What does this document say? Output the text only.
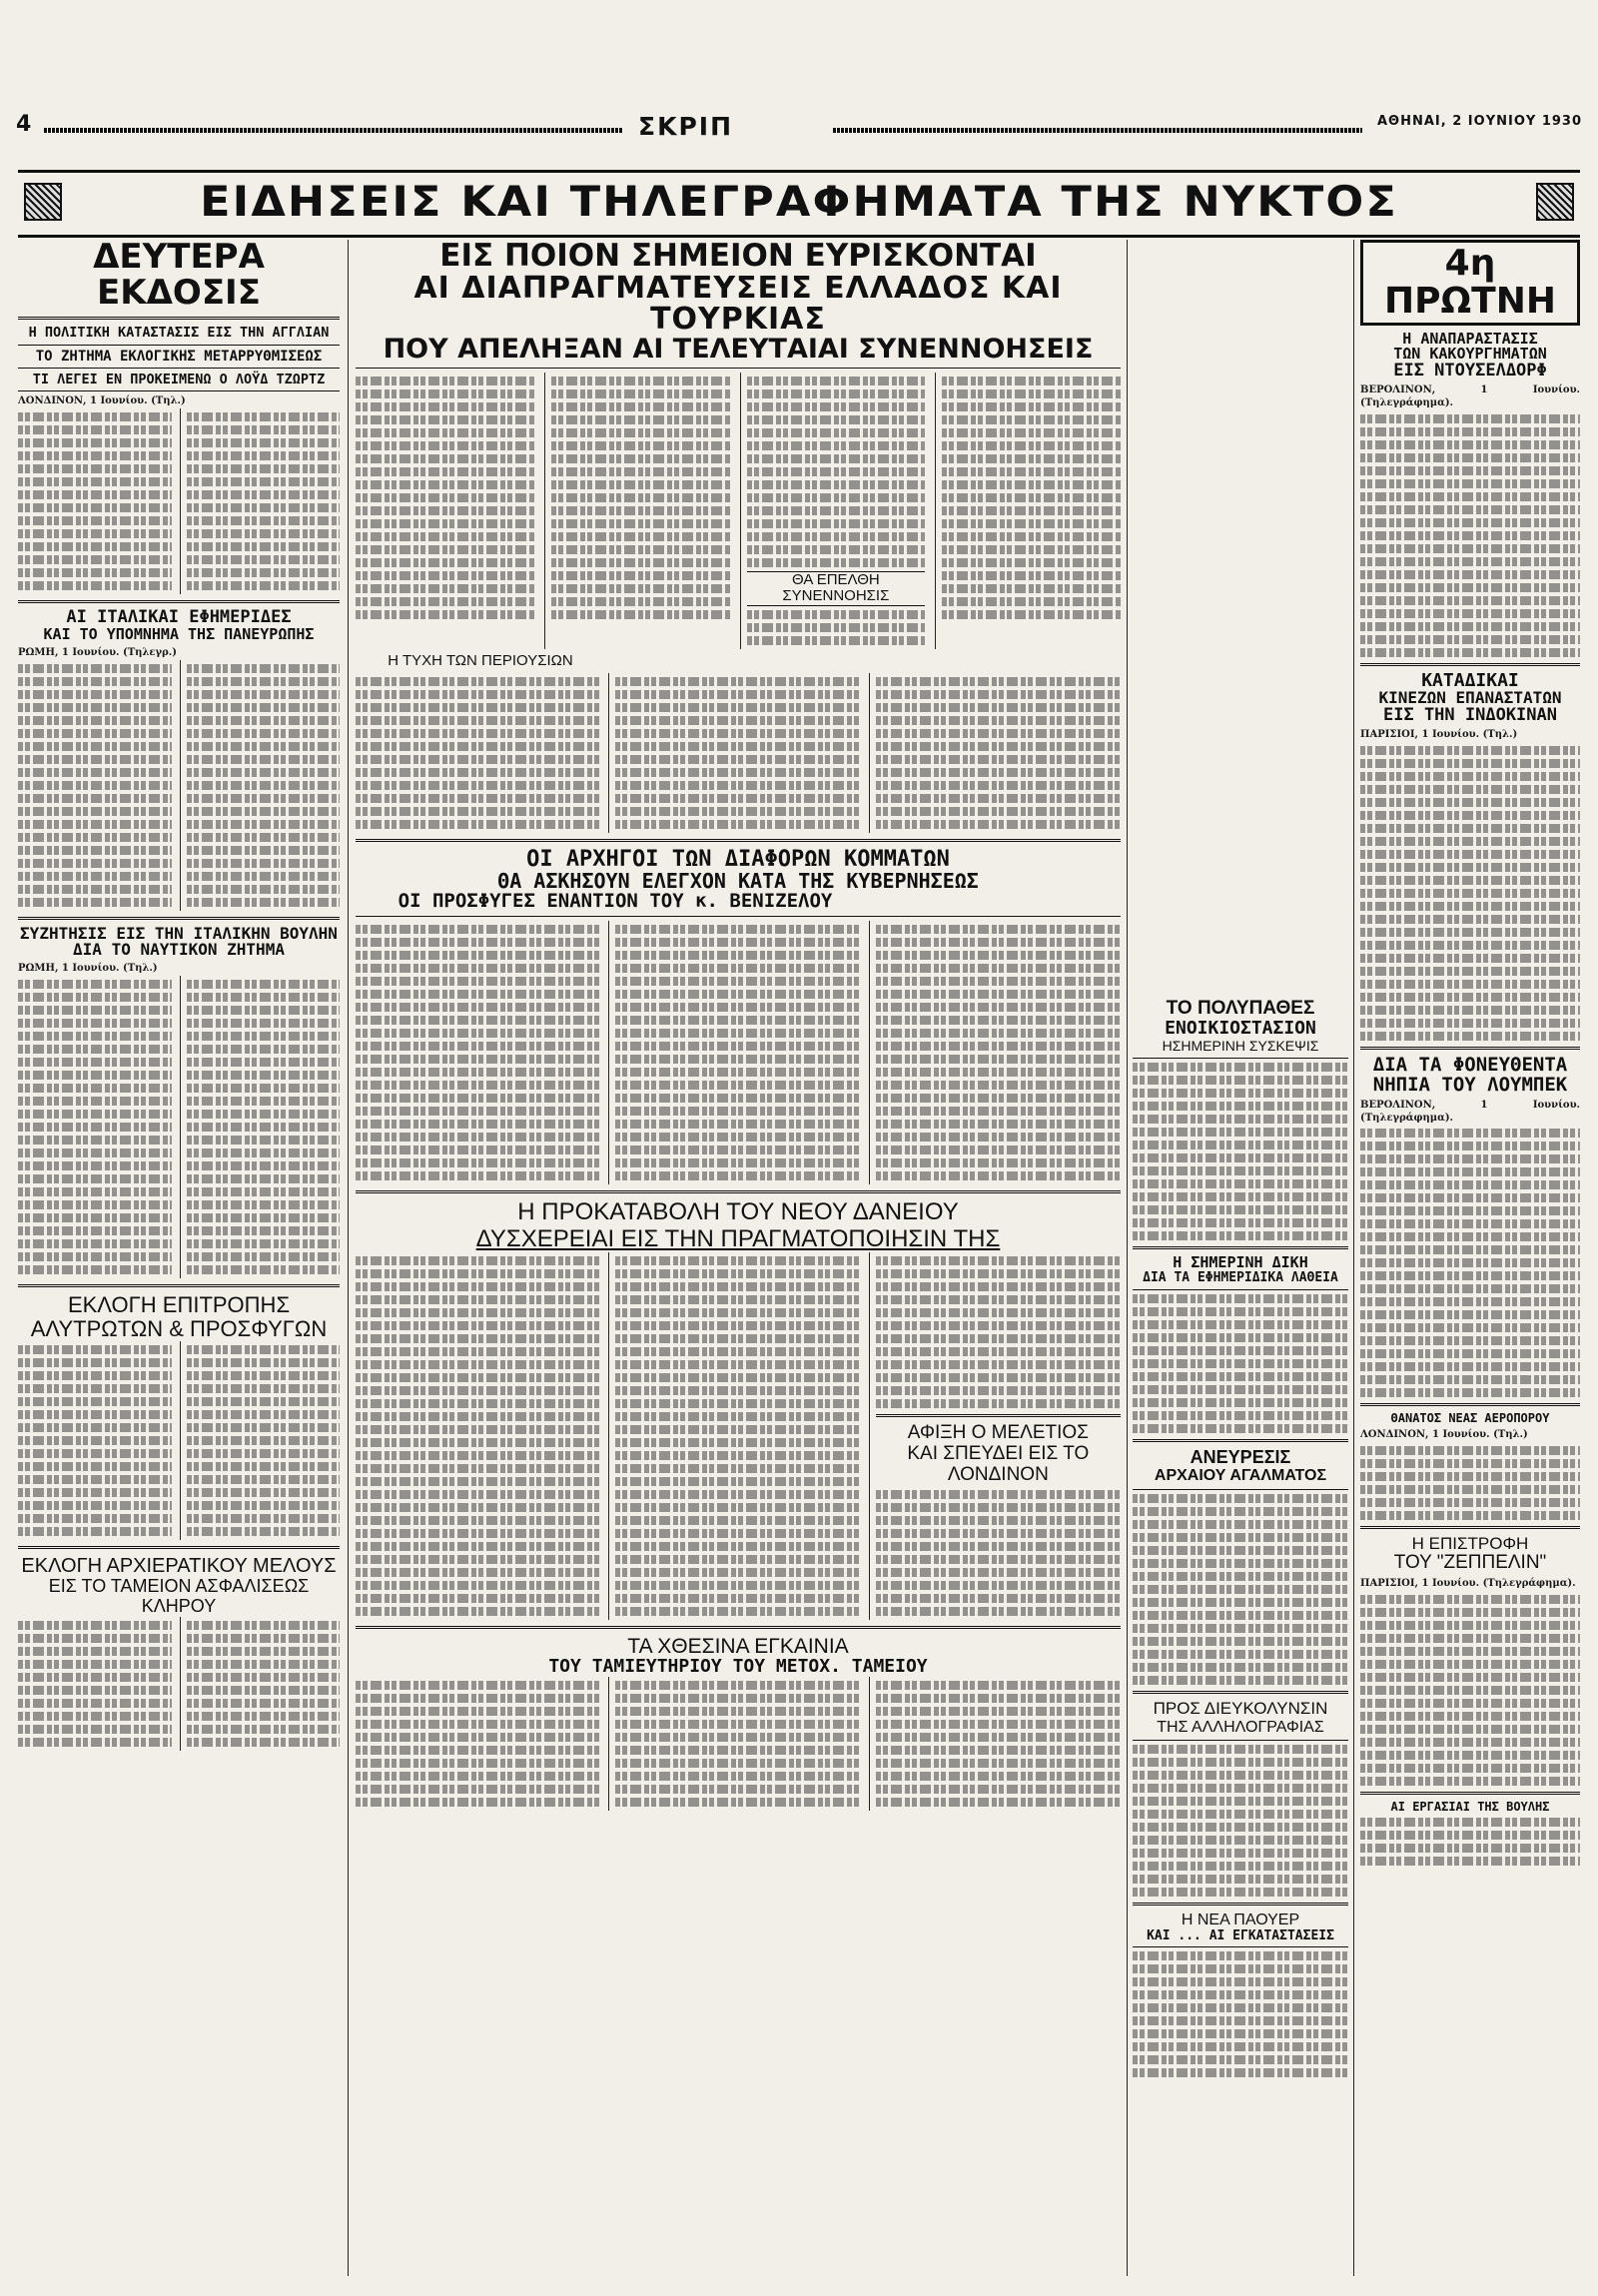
4	ΣΚΡΙΠ	ΑΘΗΝΑΙ, 2 ΙΟΥΝΙΟΥ 1930
ΕΙΔΗΣΕΙΣ ΚΑΙ ΤΗΛΕΓΡΑΦΗΜΑΤΑ ΤΗΣ ΝΥΚΤΟΣ
ΔΕΥΤΕΡΑ ΕΚΔΟΣΙΣ
Η ΠΟΛΙΤΙΚΗ ΚΑΤΑΣΤΑΣΙΣ ΕΙΣ ΤΗΝ ΑΓΓΛΙΑΝ
ΤΟ ΖΗΤΗΜΑ ΕΚΛΟΓΙΚΗΣ ΜΕΤΑΡΡΥΘΜΙΣΕΩΣ
ΤΙ ΛΕΓΕΙ ΕΝ ΠΡΟΚΕΙΜΕΝΩ Ο ΛΟΫΔ ΤΖΩΡΤΖ
ΛΟΝΔΙΝΟΝ, 1 Ιουνίου. (Τηλ.)
ΑΙ ΙΤΑΛΙΚΑΙ ΕΦΗΜΕΡΙΔΕΣ
ΚΑΙ ΤΟ ΥΠΟΜΝΗΜΑ ΤΗΣ ΠΑΝΕΥΡΩΠΗΣ
ΡΩΜΗ, 1 Ιουνίου. (Τηλεγρ.)
ΣΥΖΗΤΗΣΙΣ ΕΙΣ ΤΗΝ ΙΤΑΛΙΚΗΝ ΒΟΥΛΗΝ
ΔΙΑ ΤΟ ΝΑΥΤΙΚΟΝ ΖΗΤΗΜΑ
ΡΩΜΗ, 1 Ιουνίου. (Τηλ.)
ΕΚΛΟΓΗ ΕΠΙΤΡΟΠΗΣ
ΑΛΥΤΡΩΤΩΝ & ΠΡΟΣΦΥΓΩΝ
ΕΚΛΟΓΗ ΑΡΧΙΕΡΑΤΙΚΟΥ ΜΕΛΟΥΣ
ΕΙΣ ΤΟ ΤΑΜΕΙΟΝ ΑΣΦΑΛΙΣΕΩΣ ΚΛΗΡΟΥ
ΕΙΣ ΠΟΙΟΝ ΣΗΜΕΙΟΝ ΕΥΡΙΣΚΟΝΤΑΙ
ΑΙ ΔΙΑΠΡΑΓΜΑΤΕΥΣΕΙΣ ΕΛΛΑΔΟΣ ΚΑΙ ΤΟΥΡΚΙΑΣ
ΠΟΥ ΑΠΕΛΗΞΑΝ ΑΙ ΤΕΛΕΥΤΑΙΑΙ ΣΥΝΕΝΝΟΗΣΕΙΣ
ΘΑ ΕΠΕΛΘΗ ΣΥΝΕΝΝΟΗΣΙΣ
Η ΤΥΧΗ ΤΩΝ ΠΕΡΙΟΥΣΙΩΝ
ΟΙ ΑΡΧΗΓΟΙ ΤΩΝ ΔΙΑΦΟΡΩΝ ΚΟΜΜΑΤΩΝ
ΘΑ ΑΣΚΗΣΟΥΝ ΕΛΕΓΧΟΝ ΚΑΤΑ ΤΗΣ ΚΥΒΕΡΝΗΣΕΩΣ
ΟΙ ΠΡΟΣΦΥΓΕΣ ΕΝΑΝΤΙΟΝ ΤΟΥ κ. ΒΕΝΙΖΕΛΟΥ
Η ΠΡΟΚΑΤΑΒΟΛΗ ΤΟΥ ΝΕΟΥ ΔΑΝΕΙΟΥ
ΔΥΣΧΕΡΕΙΑΙ ΕΙΣ ΤΗΝ ΠΡΑΓΜΑΤΟΠΟΙΗΣΙΝ ΤΗΣ
ΑΦΙΞΗ Ο ΜΕΛΕΤΙΟΣ
ΚΑΙ ΣΠΕΥΔΕΙ ΕΙΣ ΤΟ ΛΟΝΔΙΝΟΝ
ΤΑ ΧΘΕΣΙΝΑ ΕΓΚΑΙΝΙΑ
ΤΟΥ ΤΑΜΙΕΥΤΗΡΙΟΥ ΤΟΥ ΜΕΤΟΧ. ΤΑΜΕΙΟΥ
ΤΟ ΠΟΛΥΠΑΘΕΣ
ΕΝΟΙΚΙΟΣΤΑΣΙΟΝ
ΗΣΗΜΕΡΙΝΗ ΣΥΣΚΕΨΙΣ
Η ΣΗΜΕΡΙΝΗ ΔΙΚΗ
ΔΙΑ ΤΑ ΕΦΗΜΕΡΙΔΙΚΑ ΛΑΘΕΙΑ
ΑΝΕΥΡΕΣΙΣ
ΑΡΧΑΙΟΥ ΑΓΑΛΜΑΤΟΣ
ΠΡΟΣ ΔΙΕΥΚΟΛΥΝΣΙΝ
ΤΗΣ ΑΛΛΗΛΟΓΡΑΦΙΑΣ
Η ΝΕΑ ΠΑΟΥΕΡ
ΚΑΙ ... ΑΙ ΕΓΚΑΤΑΣΤΑΣΕΙΣ
4η ΠΡΩΤΝΗ
Η ΑΝΑΠΑΡΑΣΤΑΣΙΣ
ΤΩΝ ΚΑΚΟΥΡΓΗΜΑΤΩΝ
ΕΙΣ ΝΤΟΥΣΕΛΔΟΡΦ
ΒΕΡΟΛΙΝΟΝ, 1 Ιουνίου. (Τηλεγράφημα).
ΚΑΤΑΔΙΚΑΙ
ΚΙΝΕΖΩΝ ΕΠΑΝΑΣΤΑΤΩΝ
ΕΙΣ ΤΗΝ ΙΝΔΟΚΙΝΑΝ
ΠΑΡΙΣΙΟΙ, 1 Ιουνίου. (Τηλ.)
ΔΙΑ ΤΑ ΦΟΝΕΥΘΕΝΤΑ
ΝΗΠΙΑ ΤΟΥ ΛΟΥΜΠΕΚ
ΒΕΡΟΛΙΝΟΝ, 1 Ιουνίου. (Τηλεγράφημα).
ΘΑΝΑΤΟΣ ΝΕΑΣ ΑΕΡΟΠΟΡΟΥ
ΛΟΝΔΙΝΟΝ, 1 Ιουνίου. (Τηλ.)
Η ΕΠΙΣΤΡΟΦΗ
ΤΟΥ "ΖΕΠΠΕΛΙΝ"
ΠΑΡΙΣΙΟΙ, 1 Ιουνίου. (Τηλεγράφημα).
ΑΙ ΕΡΓΑΣΙΑΙ ΤΗΣ ΒΟΥΛΗΣ
